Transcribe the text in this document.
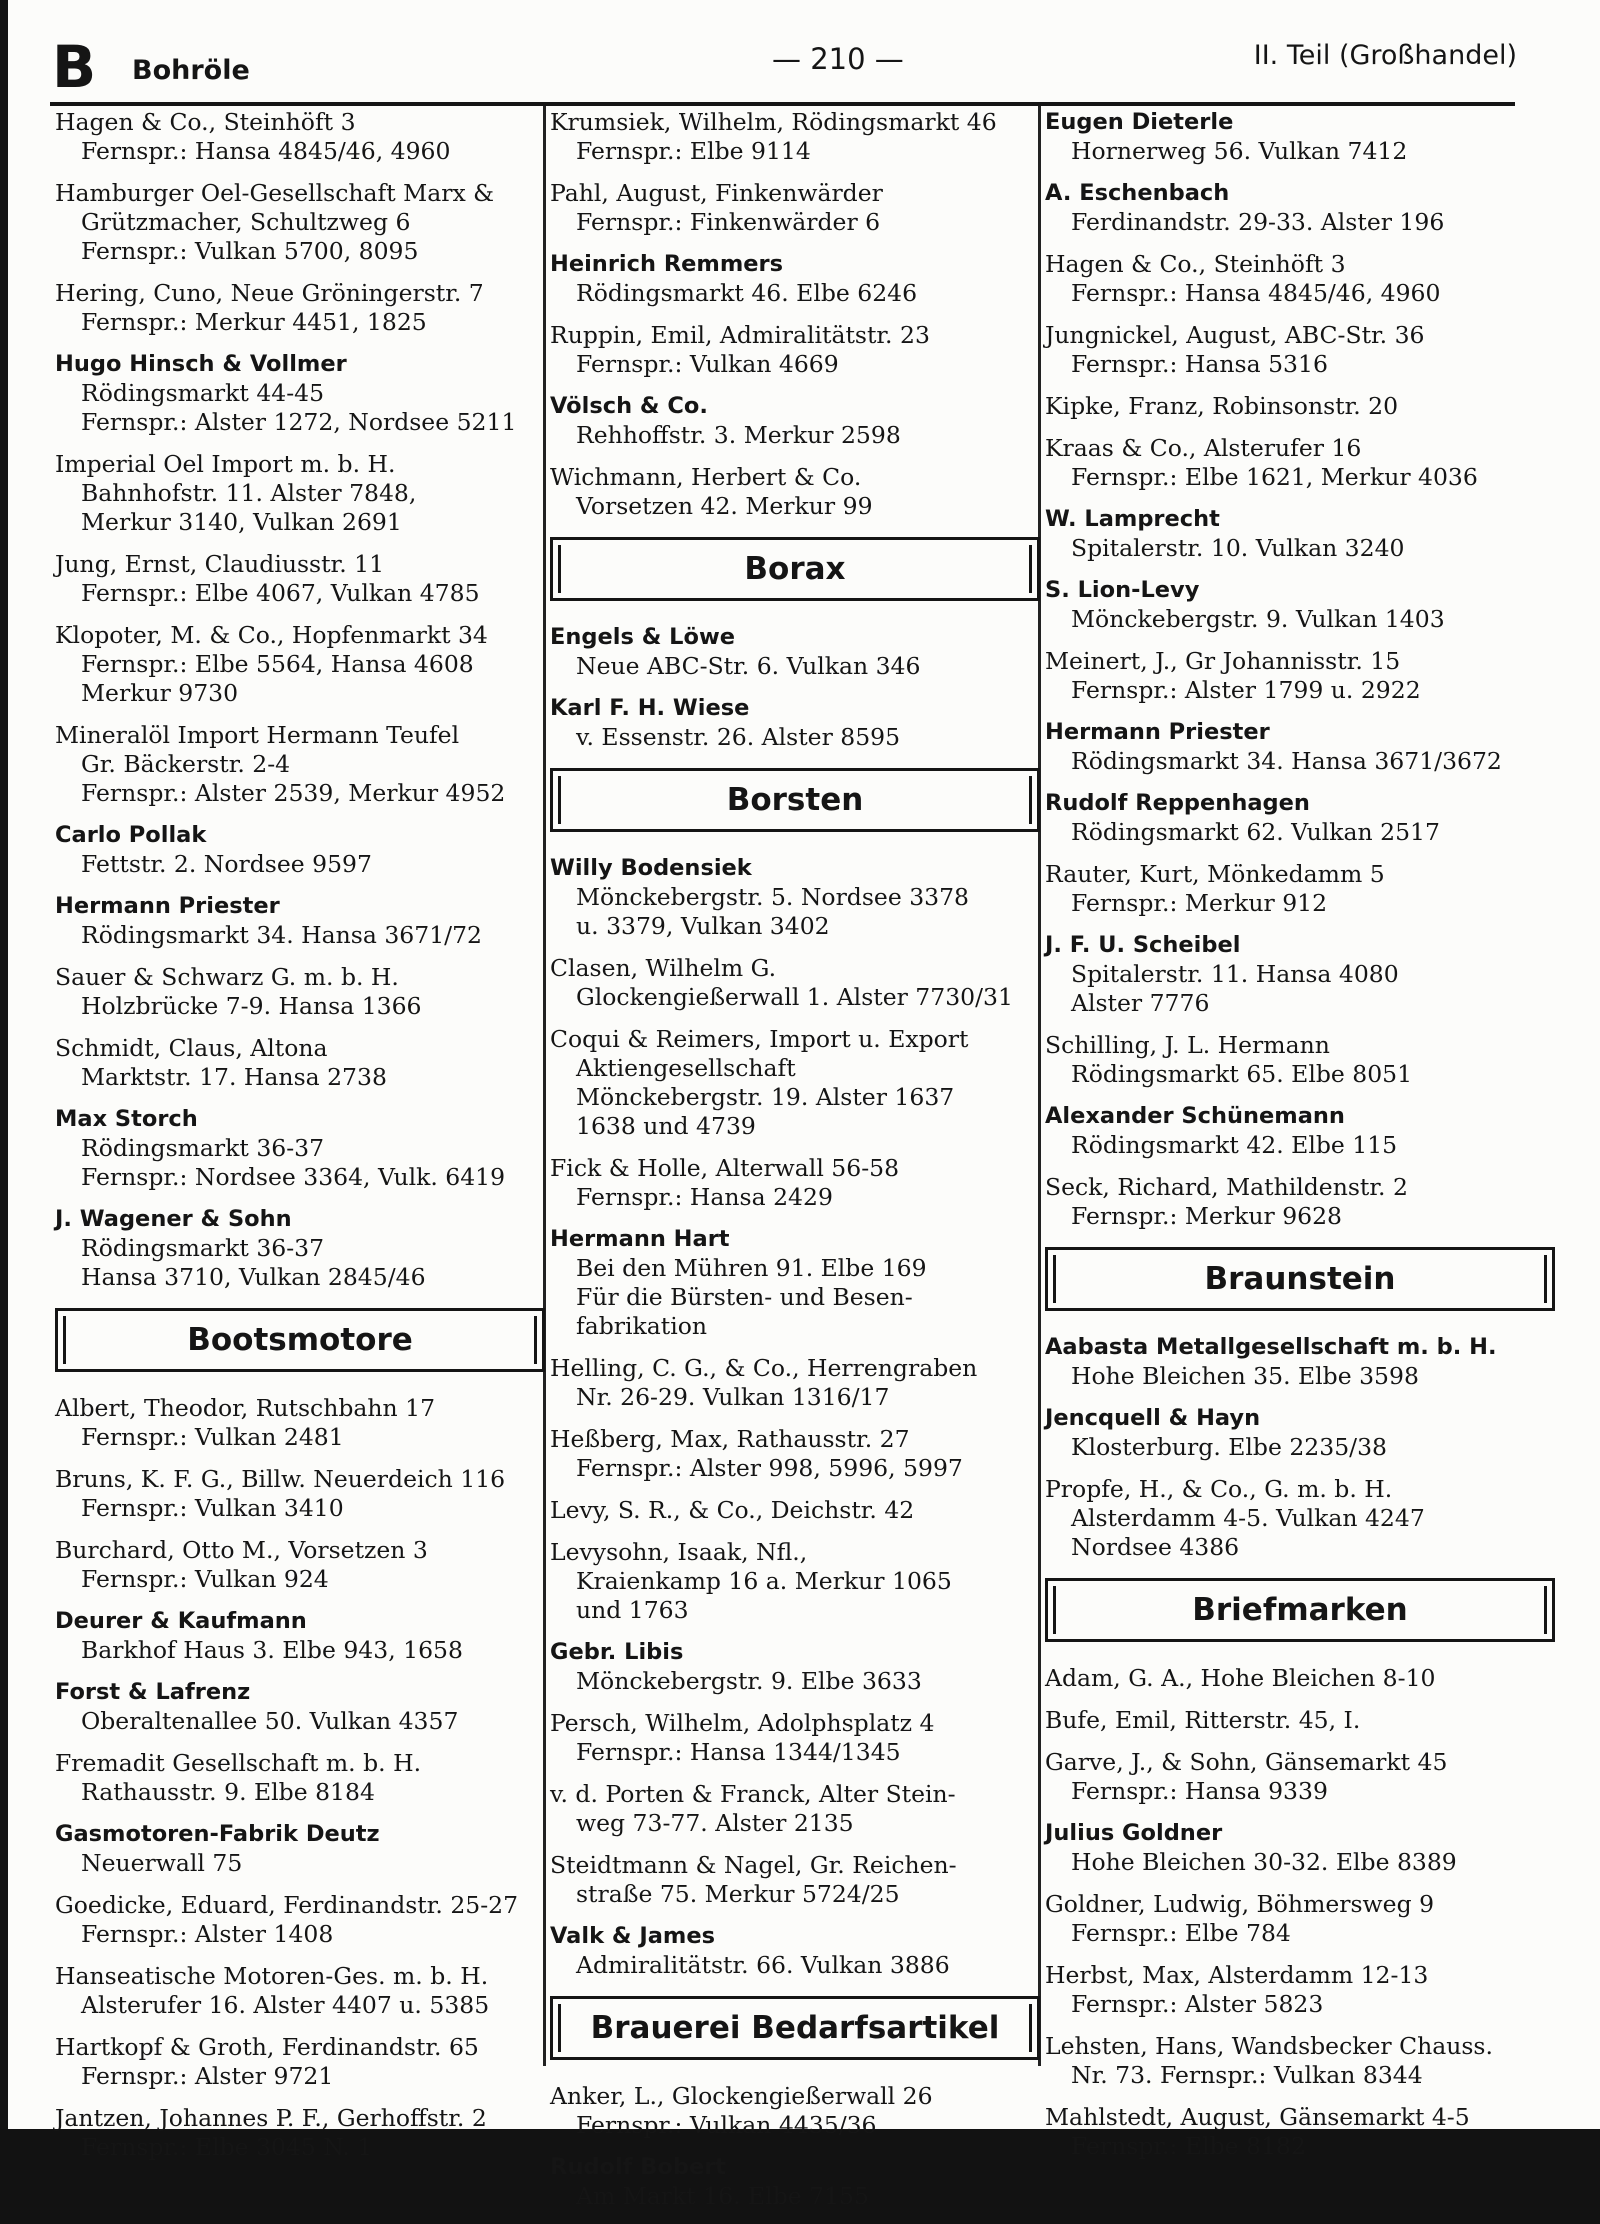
B Bohröle	— 210 —	II. Teil (Großhandel)
Hagen & Co., Steinhöft 3
Fernspr.: Hansa 4845/46, 4960
Hamburger Oel-Gesellschaft Marx &
Grützmacher, Schultzweg 6
Fernspr.: Vulkan 5700, 8095
Hering, Cuno, Neue Gröningerstr. 7
Fernspr.: Merkur 4451, 1825
Hugo Hinsch & Vollmer
Rödingsmarkt 44-45
Fernspr.: Alster 1272, Nordsee 5211
Imperial Oel Import m. b. H.
Bahnhofstr. 11. Alster 7848,
Merkur 3140, Vulkan 2691
Jung, Ernst, Claudiusstr. 11
Fernspr.: Elbe 4067, Vulkan 4785
Klopoter, M. & Co., Hopfenmarkt 34
Fernspr.: Elbe 5564, Hansa 4608
Merkur 9730
Mineralöl Import Hermann Teufel
Gr. Bäckerstr. 2-4
Fernspr.: Alster 2539, Merkur 4952
Carlo Pollak
Fettstr. 2. Nordsee 9597
Hermann Priester
Rödingsmarkt 34. Hansa 3671/72
Sauer & Schwarz G. m. b. H.
Holzbrücke 7-9. Hansa 1366
Schmidt, Claus, Altona
Marktstr. 17. Hansa 2738
Max Storch
Rödingsmarkt 36-37
Fernspr.: Nordsee 3364, Vulk. 6419
J. Wagener & Sohn
Rödingsmarkt 36-37
Hansa 3710, Vulkan 2845/46
Bootsmotore
Albert, Theodor, Rutschbahn 17
Fernspr.: Vulkan 2481
Bruns, K. F. G., Billw. Neuerdeich 116
Fernspr.: Vulkan 3410
Burchard, Otto M., Vorsetzen 3
Fernspr.: Vulkan 924
Deurer & Kaufmann
Barkhof Haus 3. Elbe 943, 1658
Forst & Lafrenz
Oberaltenallee 50. Vulkan 4357
Fremadit Gesellschaft m. b. H.
Rathausstr. 9. Elbe 8184
Gasmotoren-Fabrik Deutz
Neuerwall 75
Goedicke, Eduard, Ferdinandstr. 25-27
Fernspr.: Alster 1408
Hanseatische Motoren-Ges. m. b. H.
Alsterufer 16. Alster 4407 u. 5385
Hartkopf & Groth, Ferdinandstr. 65
Fernspr.: Alster 9721
Jantzen, Johannes P. F., Gerhoffstr. 2
Fernspr.: Elbe 3045 N. 1
Krumsiek, Wilhelm, Rödingsmarkt 46
Fernspr.: Elbe 9114
Pahl, August, Finkenwärder
Fernspr.: Finkenwärder 6
Heinrich Remmers
Rödingsmarkt 46. Elbe 6246
Ruppin, Emil, Admiralitätstr. 23
Fernspr.: Vulkan 4669
Völsch & Co.
Rehhoffstr. 3. Merkur 2598
Wichmann, Herbert & Co.
Vorsetzen 42. Merkur 99
Borax
Engels & Löwe
Neue ABC-Str. 6. Vulkan 346
Karl F. H. Wiese
v. Essenstr. 26. Alster 8595
Borsten
Willy Bodensiek
Mönckebergstr. 5. Nordsee 3378
u. 3379, Vulkan 3402
Clasen, Wilhelm G.
Glockengießerwall 1. Alster 7730/31
Coqui & Reimers, Import u. Export
Aktiengesellschaft
Mönckebergstr. 19. Alster 1637
1638 und 4739
Fick & Holle, Alterwall 56-58
Fernspr.: Hansa 2429
Hermann Hart
Bei den Mühren 91. Elbe 169
Für die Bürsten- und Besen-
fabrikation
Helling, C. G., & Co., Herrengraben
Nr. 26-29. Vulkan 1316/17
Heßberg, Max, Rathausstr. 27
Fernspr.: Alster 998, 5996, 5997
Levy, S. R., & Co., Deichstr. 42
Levysohn, Isaak, Nfl.,
Kraienkamp 16 a. Merkur 1065
und 1763
Gebr. Libis
Mönckebergstr. 9. Elbe 3633
Persch, Wilhelm, Adolphsplatz 4
Fernspr.: Hansa 1344/1345
v. d. Porten & Franck, Alter Stein-
weg 73-77. Alster 2135
Steidtmann & Nagel, Gr. Reichen-
straße 75. Merkur 5724/25
Valk & James
Admiralitätstr. 66. Vulkan 3886
Brauerei Bedarfsartikel
Anker, L., Glockengießerwall 26
Fernspr.: Vulkan 4435/36
Rudolf Bobert
Am Markt 16. Elbe 7155
Eugen Dieterle
Hornerweg 56. Vulkan 7412
A. Eschenbach
Ferdinandstr. 29-33. Alster 196
Hagen & Co., Steinhöft 3
Fernspr.: Hansa 4845/46, 4960
Jungnickel, August, ABC-Str. 36
Fernspr.: Hansa 5316
Kipke, Franz, Robinsonstr. 20
Kraas & Co., Alsterufer 16
Fernspr.: Elbe 1621, Merkur 4036
W. Lamprecht
Spitalerstr. 10. Vulkan 3240
S. Lion-Levy
Mönckebergstr. 9. Vulkan 1403
Meinert, J., Gr Johannisstr. 15
Fernspr.: Alster 1799 u. 2922
Hermann Priester
Rödingsmarkt 34. Hansa 3671/3672
Rudolf Reppenhagen
Rödingsmarkt 62. Vulkan 2517
Rauter, Kurt, Mönkedamm 5
Fernspr.: Merkur 912
J. F. U. Scheibel
Spitalerstr. 11. Hansa 4080
Alster 7776
Schilling, J. L. Hermann
Rödingsmarkt 65. Elbe 8051
Alexander Schünemann
Rödingsmarkt 42. Elbe 115
Seck, Richard, Mathildenstr. 2
Fernspr.: Merkur 9628
Braunstein
Aabasta Metallgesellschaft m. b. H.
Hohe Bleichen 35. Elbe 3598
Jencquell & Hayn
Klosterburg. Elbe 2235/38
Propfe, H., & Co., G. m. b. H.
Alsterdamm 4-5. Vulkan 4247
Nordsee 4386
Briefmarken
Adam, G. A., Hohe Bleichen 8-10
Bufe, Emil, Ritterstr. 45, I.
Garve, J., & Sohn, Gänsemarkt 45
Fernspr.: Hansa 9339
Julius Goldner
Hohe Bleichen 30-32. Elbe 8389
Goldner, Ludwig, Böhmersweg 9
Fernspr.: Elbe 784
Herbst, Max, Alsterdamm 12-13
Fernspr.: Alster 5823
Lehsten, Hans, Wandsbecker Chauss.
Nr. 73. Fernspr.: Vulkan 8344
Mahlstedt, August, Gänsemarkt 4-5
Fernspr.: Elbe 8182
